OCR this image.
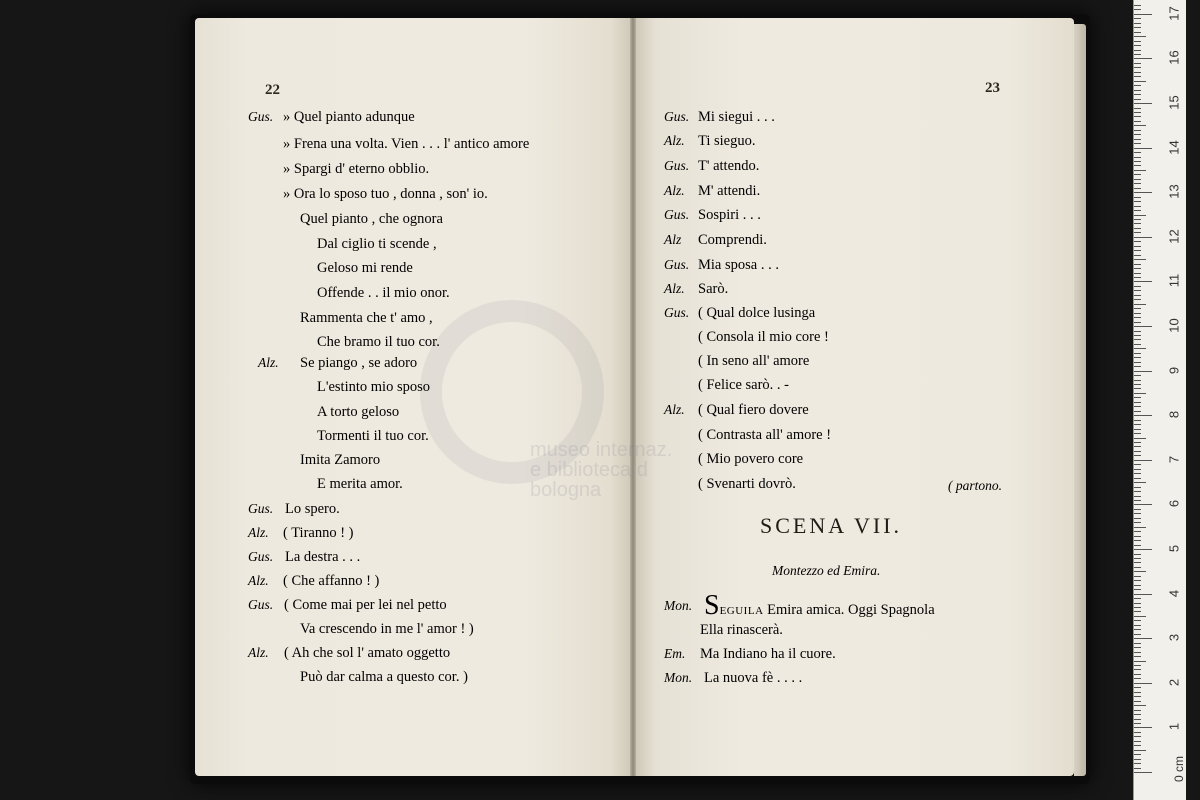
museo internaz.
e biblioteca d
bologna
22
Gus. » Quel pianto adunque
» Frena una volta. Vien . . . l' antico amore
» Spargi d' eterno obblio.
» Ora lo sposo tuo , donna , son' io.
Quel pianto , che ognora
Dal ciglio ti scende ,
Geloso mi rende
Offende . . il mio onor.
Rammenta che t' amo ,
Che bramo il tuo cor.
Alz. Se piango , se adoro
L'estinto mio sposo
A torto geloso
Tormenti il tuo cor.
Imita Zamoro
E merita amor.
Gus. Lo spero.
Alz. ( Tiranno ! )
Gus. La destra . . .
Alz. ( Che affanno ! )
Gus. ( Come mai per lei nel petto
Va crescendo in me l' amor ! )
Alz. ( Ah che sol l' amato oggetto
Può dar calma a questo cor. )
23
Gus. Mi siegui . . .
Alz. Ti sieguo.
Gus. T' attendo.
Alz. M' attendi.
Gus. Sospiri . . .
Alz Comprendi.
Gus. Mia sposa . . .
Alz. Sarò.
Gus. ( Qual dolce lusinga
( Consola il mio core !
( In seno all' amore
( Felice sarò. . -
Alz. ( Qual fiero dovere
( Contrasta all' amore !
( Mio povero core
( Svenarti dovrò.	( partono.
SCENA VII.
Montezzo ed Emira.
Mon. SEGUILA Emira amica. Oggi Spagnola
Ella rinascerà.
Em. Ma Indiano ha il cuore.
Mon. La nuova fè . . . .
0 cm
1
2
3
4
5
6
7
8
9
10
11
12
13
14
15
16
17
